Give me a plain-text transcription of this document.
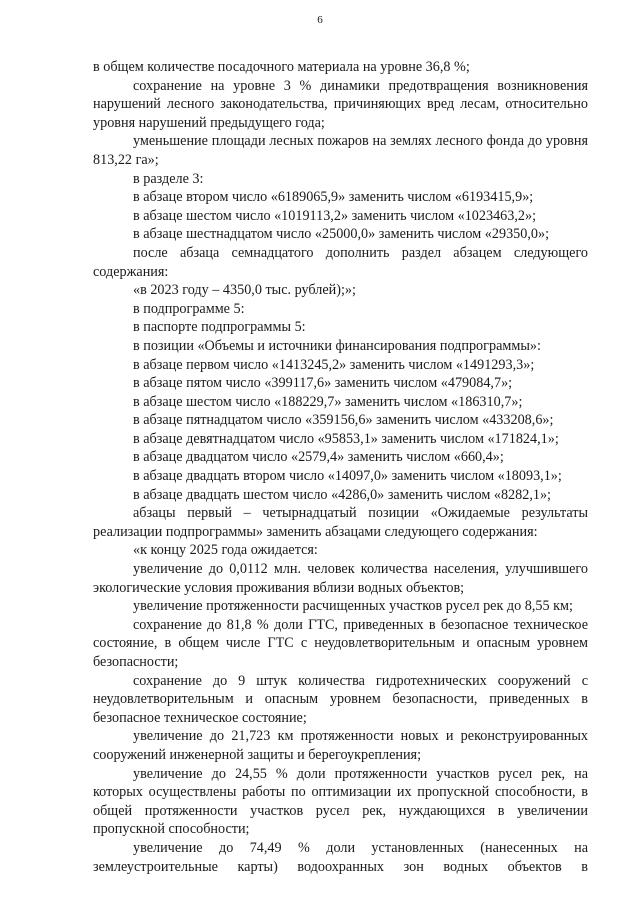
6

в общем количестве посадочного материала на уровне 36,8 %;

сохранение на уровне 3 % динамики предотвращения возникновения нарушений лесного законодательства, причиняющих вред лесам, относительно уровня нарушений предыдущего года;

уменьшение площади лесных пожаров на землях лесного фонда до уровня 813,22 га»;

в разделе 3:

в абзаце втором число «6189065,9» заменить числом «6193415,9»;

в абзаце шестом число «1019113,2» заменить числом «1023463,2»;

в абзаце шестнадцатом число «25000,0» заменить числом «29350,0»;

после абзаца семнадцатого дополнить раздел абзацем следующего содержания:

«в 2023 году – 4350,0 тыс. рублей);»;

в подпрограмме 5:

в паспорте подпрограммы 5:

в позиции «Объемы и источники финансирования подпрограммы»:

в абзаце первом число «1413245,2» заменить числом «1491293,3»;

в абзаце пятом число «399117,6» заменить числом «479084,7»;

в абзаце шестом число «188229,7» заменить числом «186310,7»;

в абзаце пятнадцатом число «359156,6» заменить числом «433208,6»;

в абзаце девятнадцатом число «95853,1» заменить числом «171824,1»;

в абзаце двадцатом число «2579,4» заменить числом «660,4»;

в абзаце двадцать втором число «14097,0» заменить числом «18093,1»;

в абзаце двадцать шестом число «4286,0» заменить числом «8282,1»;

абзацы первый – четырнадцатый позиции «Ожидаемые результаты реализации подпрограммы» заменить абзацами следующего содержания:

«к концу 2025 года ожидается:

увеличение до 0,0112 млн. человек количества населения, улучшившего экологические условия проживания вблизи водных объектов;

увеличение протяженности расчищенных участков русел рек до 8,55 км;

сохранение до 81,8 % доли ГТС, приведенных в безопасное техническое состояние, в общем числе ГТС с неудовлетворительным и опасным уровнем безопасности;

сохранение до 9 штук количества гидротехнических сооружений с неудовлетворительным и опасным уровнем безопасности, приведенных в безопасное техническое состояние;

увеличение до 21,723 км протяженности новых и реконструированных сооружений инженерной защиты и берегоукрепления;

увеличение до 24,55 % доли протяженности участков русел рек, на которых осуществлены работы по оптимизации их пропускной способности, в общей протяженности участков русел рек, нуждающихся в увеличении пропускной способности;

увеличение до 74,49 % доли установленных (нанесенных на землеустроительные карты) водоохранных зон водных объектов в
